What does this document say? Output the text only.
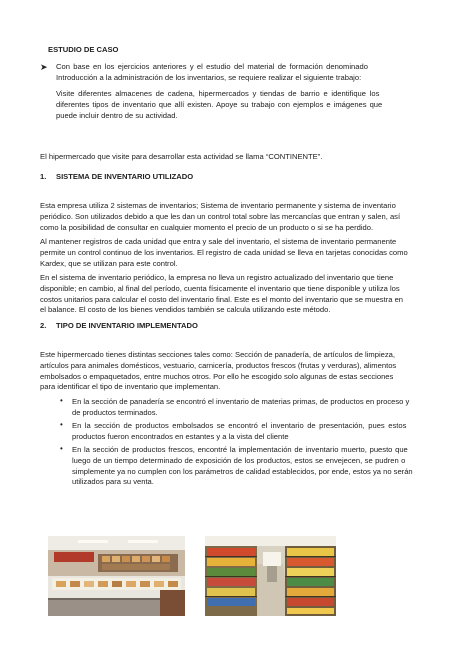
ESTUDIO DE CASO
➤ Con base en los ejercicios anteriores y el estudio del material de formación denominado
Introducción a la administración de los inventarios, se requiere realizar el siguiente trabajo:
Visite diferentes almacenes de cadena, hipermercados y tiendas de barrio e identifique los
diferentes tipos de inventario que allí existen. Apoye su trabajo con ejemplos e imágenes que
puede incluir dentro de su actividad.
El hipermercado que visite para desarrollar esta actividad se llama “CONTINENTE”.
1. SISTEMA DE INVENTARIO UTILIZADO
Esta empresa utiliza 2 sistemas de inventarios; Sistema de inventario permanente y sistema de inventario
periódico. Son utilizados debido a que les dan un control total sobre las mercancías que entran y salen, así
como la posibilidad de consultar en cualquier momento el precio de un producto o si se ha perdido.
Al mantener registros de cada unidad que entra y sale del inventario, el sistema de inventario permanente
permite un control continuo de los inventarios. El registro de cada unidad se lleva en tarjetas conocidas como
Kardex, que se utilizan para este control.
En el sistema de inventario periódico, la empresa no lleva un registro actualizado del inventario que tiene
disponible; en cambio, al final del período, cuenta físicamente el inventario que tiene disponible y utiliza los
costos unitarios para calcular el costo del inventario final. Este es el monto del inventario que se muestra en
el balance. El costo de los bienes vendidos también se calcula utilizando este método.
2. TIPO DE INVENTARIO IMPLEMENTADO
Este hipermercado tienes distintas secciones tales como: Sección de panadería, de artículos de limpieza,
artículos para animales domésticos, vestuario, carnicería, productos frescos (frutas y verduras), alimentos
embolsados o empaquetados, entre muchos otros. Por ello he escogido solo algunas de estas secciones
para identificar el tipo de inventario que implementan.
• En la sección de panadería se encontró el inventario de materias primas, de productos en proceso y
de productos terminados.
• En la sección de productos embolsados se encontró el inventario de presentación, pues estos
productos fueron encontrados en estantes y a la vista del cliente
• En la sección de productos frescos, encontré la implementación de inventario muerto, puesto que
luego de un tiempo determinado de exposición de los productos, estos se envejecen, se pudren o
simplemente ya no cumplen con los parámetros de calidad establecidos, por ende, estos ya no serán
utilizados para su venta.
